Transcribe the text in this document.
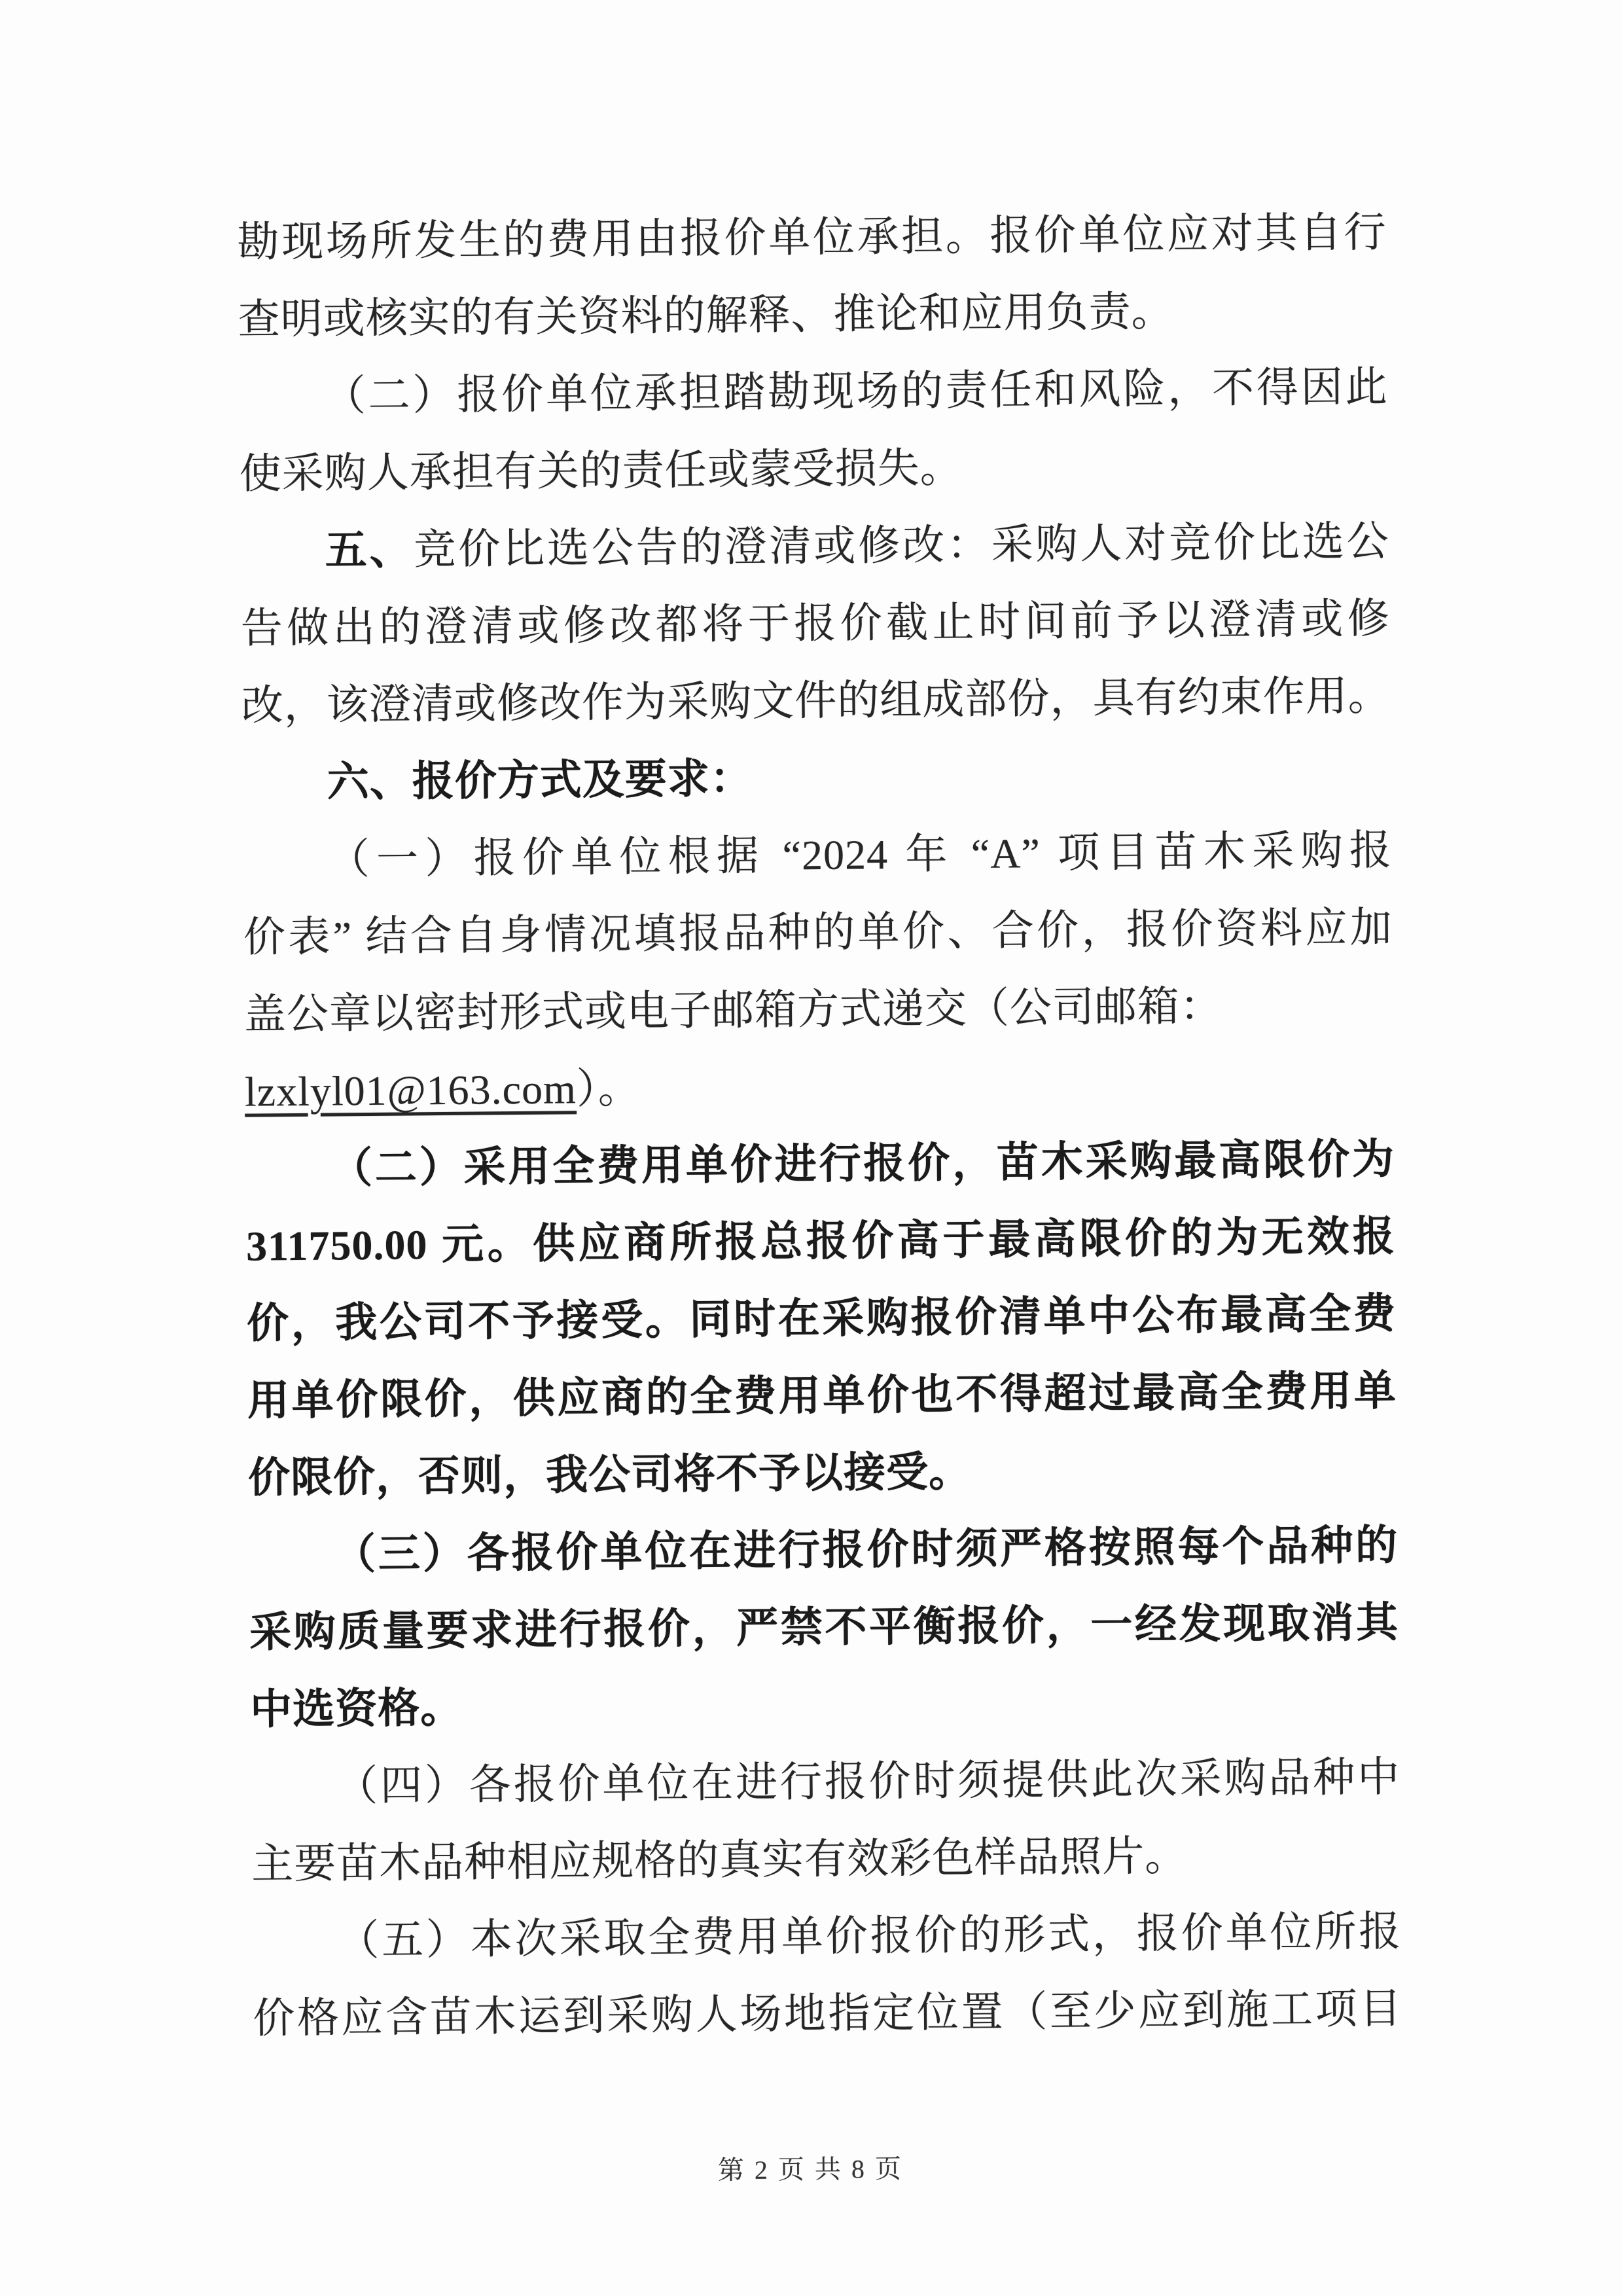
勘现场所发生的费用由报价单位承担。报价单位应对其自行
查明或核实的有关资料的解释、推论和应用负责。
（二）报价单位承担踏勘现场的责任和风险，不得因此
使采购人承担有关的责任或蒙受损失。
五、竞价比选公告的澄清或修改：采购人对竞价比选公
告做出的澄清或修改都将于报价截止时间前予以澄清或修
改，该澄清或修改作为采购文件的组成部份，具有约束作用。
六、报价方式及要求：
（一）报价单位根据 “2024 年 “A” 项目苗木采购报
价表” 结合自身情况填报品种的单价、合价，报价资料应加
盖公章以密封形式或电子邮箱方式递交（公司邮箱：
lzxlyl01@163.com）。
（二）采用全费用单价进行报价，苗木采购最高限价为
311750.00 元。供应商所报总报价高于最高限价的为无效报
价，我公司不予接受。同时在采购报价清单中公布最高全费
用单价限价，供应商的全费用单价也不得超过最高全费用单
价限价，否则，我公司将不予以接受。
（三）各报价单位在进行报价时须严格按照每个品种的
采购质量要求进行报价，严禁不平衡报价，一经发现取消其
中选资格。
（四）各报价单位在进行报价时须提供此次采购品种中
主要苗木品种相应规格的真实有效彩色样品照片。
（五）本次采取全费用单价报价的形式，报价单位所报
价格应含苗木运到采购人场地指定位置（至少应到施工项目
第 2 页 共 8 页
